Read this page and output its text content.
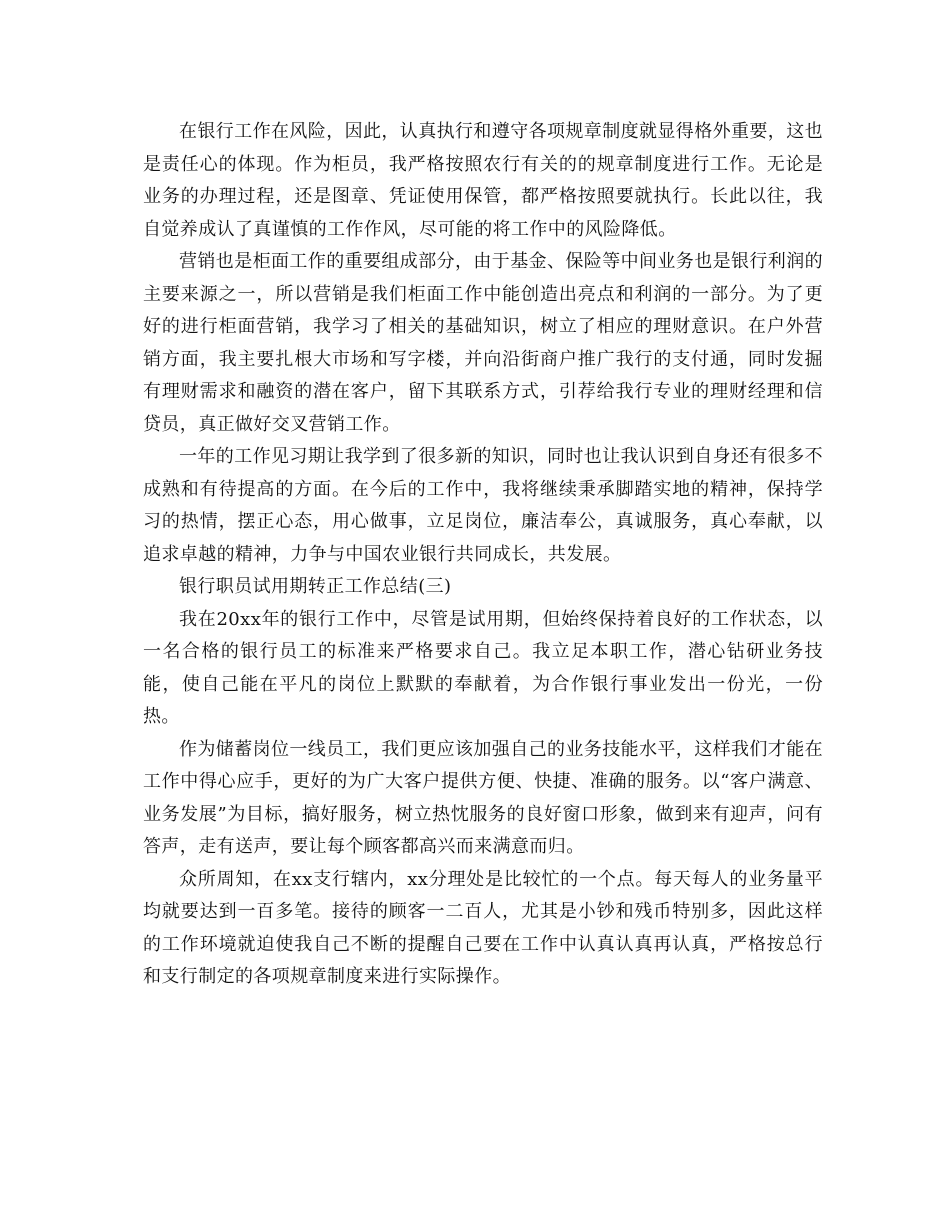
在银行工作在风险，因此，认真执行和遵守各项规章制度就显得格外重要，这也是责任心的体现。作为柜员，我严格按照农行有关的的规章制度进行工作。无论是业务的办理过程，还是图章、凭证使用保管，都严格按照要就执行。长此以往，我自觉养成认了真谨慎的工作作风，尽可能的将工作中的风险降低。

营销也是柜面工作的重要组成部分，由于基金、保险等中间业务也是银行利润的主要来源之一，所以营销是我们柜面工作中能创造出亮点和利润的一部分。为了更好的进行柜面营销，我学习了相关的基础知识，树立了相应的理财意识。在户外营销方面，我主要扎根大市场和写字楼，并向沿街商户推广我行的支付通，同时发掘有理财需求和融资的潜在客户，留下其联系方式，引荐给我行专业的理财经理和信贷员，真正做好交叉营销工作。

一年的工作见习期让我学到了很多新的知识，同时也让我认识到自身还有很多不成熟和有待提高的方面。在今后的工作中，我将继续秉承脚踏实地的精神，保持学习的热情，摆正心态，用心做事，立足岗位，廉洁奉公，真诚服务，真心奉献，以追求卓越的精神，力争与中国农业银行共同成长，共发展。

银行职员试用期转正工作总结(三)

我在20xx年的银行工作中，尽管是试用期，但始终保持着良好的工作状态，以一名合格的银行员工的标准来严格要求自己。我立足本职工作，潜心钻研业务技能，使自己能在平凡的岗位上默默的奉献着，为合作银行事业发出一份光，一份热。

作为储蓄岗位一线员工，我们更应该加强自己的业务技能水平，这样我们才能在工作中得心应手，更好的为广大客户提供方便、快捷、准确的服务。以“客户满意、业务发展”为目标，搞好服务，树立热忱服务的良好窗口形象，做到来有迎声，问有答声，走有送声，要让每个顾客都高兴而来满意而归。

众所周知，在xx支行辖内，xx分理处是比较忙的一个点。每天每人的业务量平均就要达到一百多笔。接待的顾客一二百人，尤其是小钞和残币特别多，因此这样的工作环境就迫使我自己不断的提醒自己要在工作中认真认真再认真，严格按总行和支行制定的各项规章制度来进行实际操作。
